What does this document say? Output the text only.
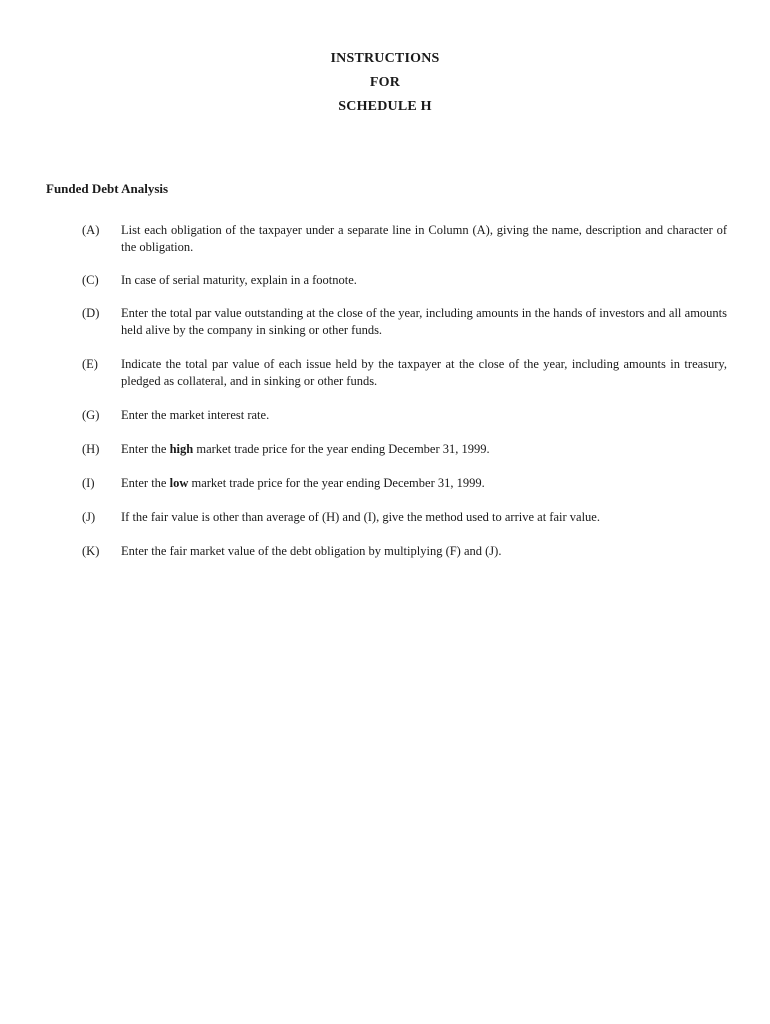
INSTRUCTIONS
FOR
SCHEDULE H
Funded Debt Analysis
(A)	List each obligation of the taxpayer under a separate line in Column (A), giving the name, description and character of the obligation.
(C)	In case of serial maturity, explain in a footnote.
(D)	Enter the total par value outstanding at the close of the year, including amounts in the hands of investors and all amounts held alive by the company in sinking or other funds.
(E)	Indicate the total par value of each issue held by the taxpayer at the close of the year, including amounts in treasury, pledged as collateral, and in sinking or other funds.
(G)	Enter the market interest rate.
(H)	Enter the high market trade price for the year ending December 31, 1999.
(I)	Enter the low market trade price for the year ending December 31, 1999.
(J)	If the fair value is other than average of (H) and (I), give the method used to arrive at fair value.
(K)	Enter the fair market value of the debt obligation by multiplying (F) and (J).
